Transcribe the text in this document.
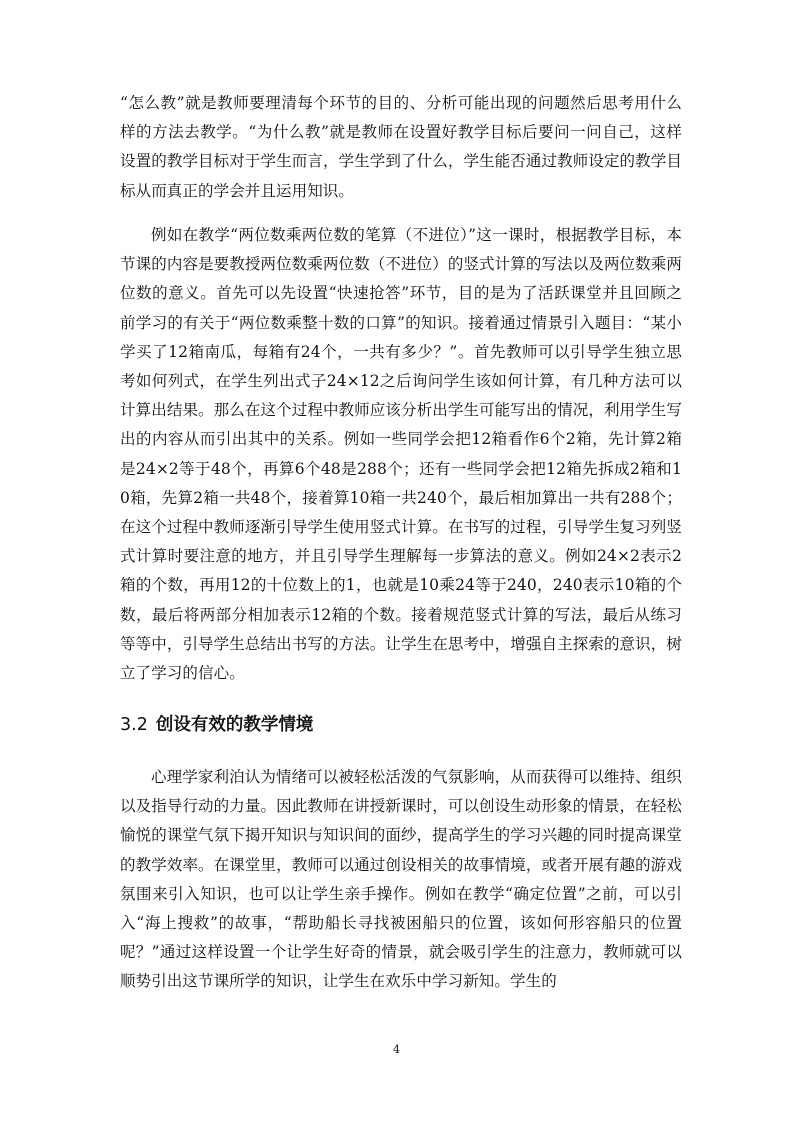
“怎么教”就是教师要理清每个环节的目的、分析可能出现的问题然后思考用什么样的方法去教学。“为什么教”就是教师在设置好教学目标后要问一问自己，这样设置的教学目标对于学生而言，学生学到了什么，学生能否通过教师设定的教学目标从而真正的学会并且运用知识。

例如在教学“两位数乘两位数的笔算（不进位）”这一课时，根据教学目标，本节课的内容是要教授两位数乘两位数（不进位）的竖式计算的写法以及两位数乘两位数的意义。首先可以先设置“快速抢答”环节，目的是为了活跃课堂并且回顾之前学习的有关于“两位数乘整十数的口算”的知识。接着通过情景引入题目：“某小学买了12箱南瓜，每箱有24个，一共有多少？”。首先教师可以引导学生独立思考如何列式，在学生列出式子24×12之后询问学生该如何计算，有几种方法可以计算出结果。那么在这个过程中教师应该分析出学生可能写出的情况，利用学生写出的内容从而引出其中的关系。例如一些同学会把12箱看作6个2箱，先计算2箱是24×2等于48个，再算6个48是288个；还有一些同学会把12箱先拆成2箱和10箱，先算2箱一共48个，接着算10箱一共240个，最后相加算出一共有288个；在这个过程中教师逐渐引导学生使用竖式计算。在书写的过程，引导学生复习列竖式计算时要注意的地方，并且引导学生理解每一步算法的意义。例如24×2表示2箱的个数，再用12的十位数上的1，也就是10乘24等于240，240表示10箱的个数，最后将两部分相加表示12箱的个数。接着规范竖式计算的写法，最后从练习等等中，引导学生总结出书写的方法。让学生在思考中，增强自主探索的意识，树立了学习的信心。

3.2 创设有效的教学情境

心理学家利泊认为情绪可以被轻松活泼的气氛影响，从而获得可以维持、组织以及指导行动的力量。因此教师在讲授新课时，可以创设生动形象的情景，在轻松愉悦的课堂气氛下揭开知识与知识间的面纱，提高学生的学习兴趣的同时提高课堂的教学效率。在课堂里，教师可以通过创设相关的故事情境，或者开展有趣的游戏氛围来引入知识，也可以让学生亲手操作。例如在教学“确定位置”之前，可以引入“海上搜救”的故事，“帮助船长寻找被困船只的位置，该如何形容船只的位置呢？”通过这样设置一个让学生好奇的情景，就会吸引学生的注意力，教师就可以顺势引出这节课所学的知识，让学生在欢乐中学习新知。学生的

4
